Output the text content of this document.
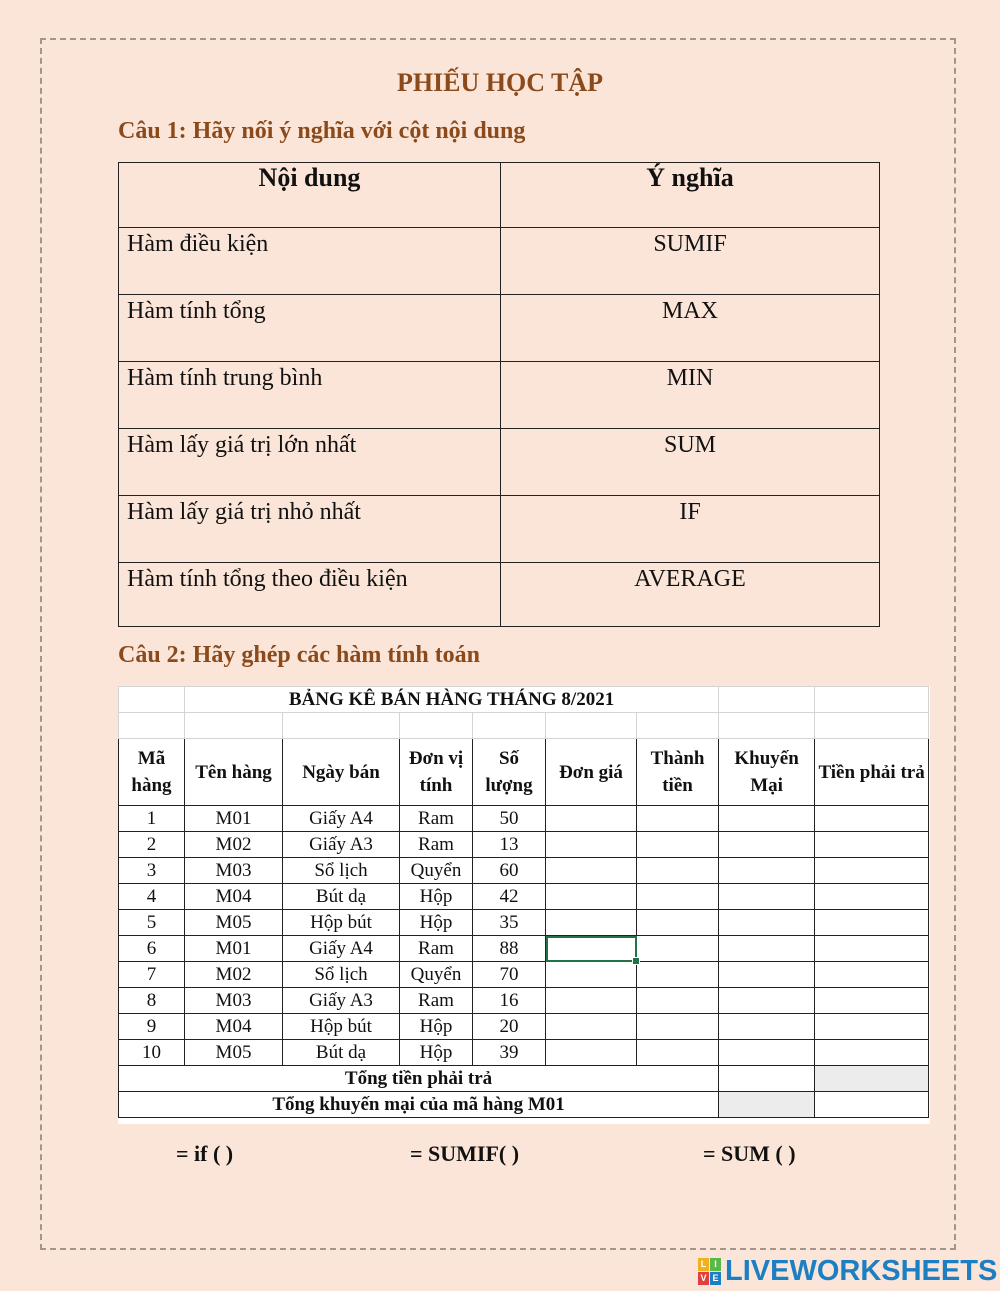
PHIẾU HỌC TẬP
Câu 1: Hãy nối ý nghĩa với cột nội dung
Nội dung	Ý nghĩa
Hàm điều kiện	SUMIF
Hàm tính tổng	MAX
Hàm tính trung bình	MIN
Hàm lấy giá trị lớn nhất	SUM
Hàm lấy giá trị nhỏ nhất	IF
Hàm tính tổng theo điều kiện	AVERAGE
Câu 2: Hãy ghép các hàm tính toán
	BẢNG KÊ BÁN HÀNG THÁNG 8/2021							

Mã hàng	Tên hàng	Ngày bán	Đơn vị tính	Số lượng	Đơn giá	Thành tiền	Khuyến Mại	Tiền phải trả
1	M01	Giấy A4	Ram	50				
2	M02	Giấy A3	Ram	13				
3	M03	Sổ lịch	Quyển	60				
4	M04	Bút dạ	Hộp	42				
5	M05	Hộp bút	Hộp	35				
6	M01	Giấy A4	Ram	88				
7	M02	Sổ lịch	Quyển	70				
8	M03	Giấy A3	Ram	16				
9	M04	Hộp bút	Hộp	20				
10	M05	Bút dạ	Hộp	39				
Tổng tiền phải trả								
Tổng khuyến mại của mã hàng M01								
= if ( )	= SUMIF( )	= SUM ( )
L I
V E LIVEWORKSHEETS
